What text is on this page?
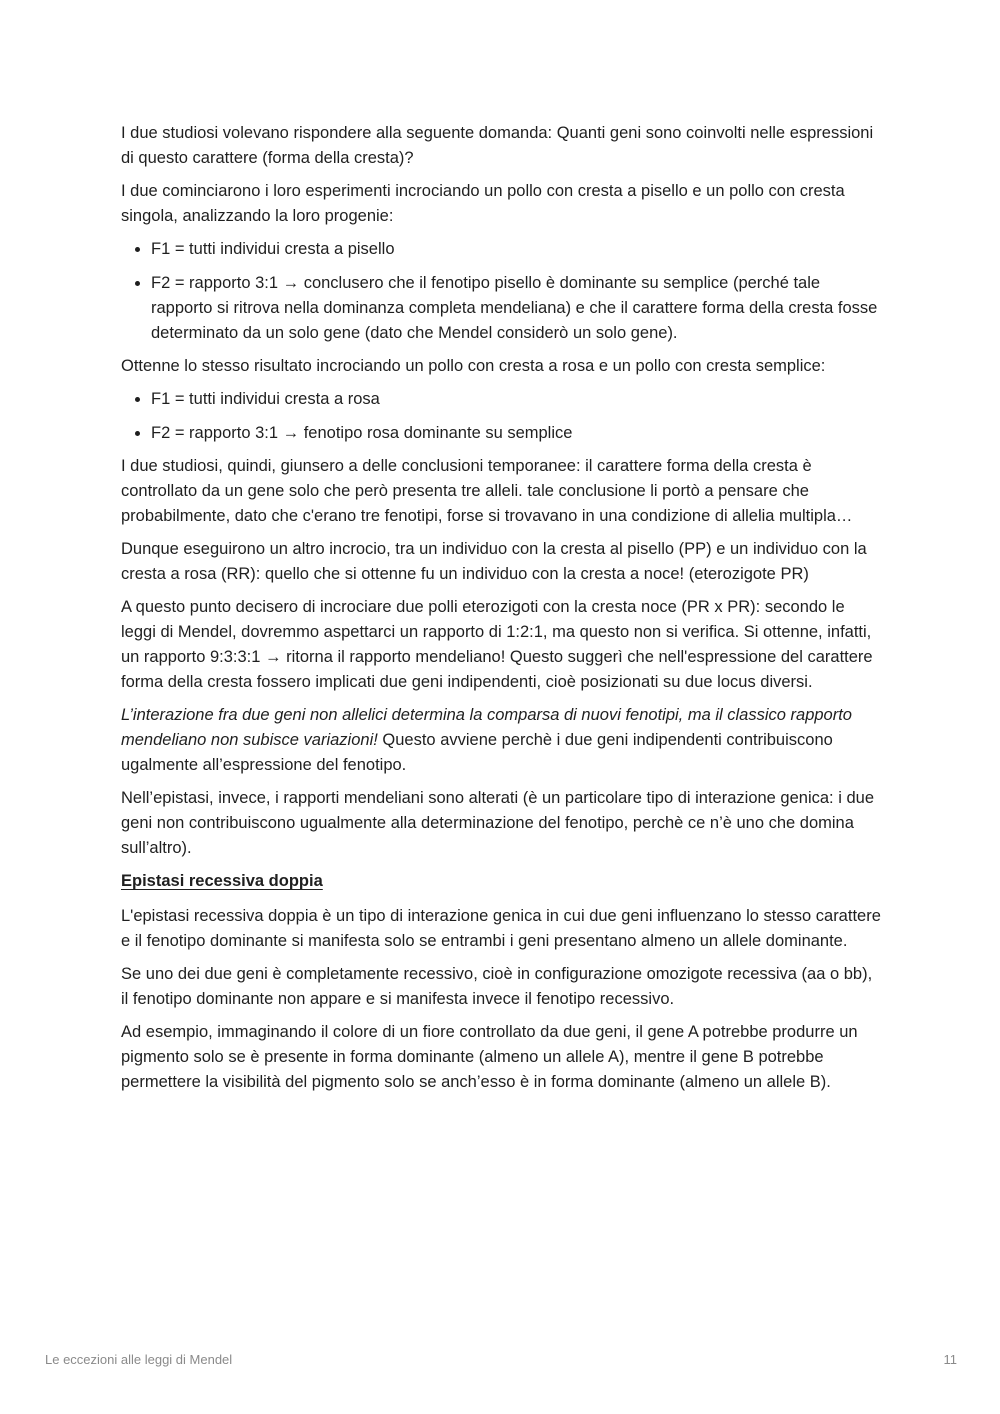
I due studiosi volevano rispondere alla seguente domanda: Quanti geni sono coinvolti nelle espressioni di questo carattere (forma della cresta)?

I due cominciarono i loro esperimenti incrociando un pollo con cresta a pisello e un pollo con cresta singola, analizzando la loro progenie:

• F1 = tutti individui cresta a pisello
• F2 = rapporto 3:1 → conclusero che il fenotipo pisello è dominante su semplice (perché tale rapporto si ritrova nella dominanza completa mendeliana) e che il carattere forma della cresta fosse determinato da un solo gene (dato che Mendel considerò un solo gene).

Ottenne lo stesso risultato incrociando un pollo con cresta a rosa e un pollo con cresta semplice:

• F1 = tutti individui cresta a rosa
• F2 = rapporto 3:1 → fenotipo rosa dominante su semplice

I due studiosi, quindi, giunsero a delle conclusioni temporanee: il carattere forma della cresta è controllato da un gene solo che però presenta tre alleli. tale conclusione li portò a pensare che probabilmente, dato che c'erano tre fenotipi, forse si trovavano in una condizione di allelia multipla…

Dunque eseguirono un altro incrocio, tra un individuo con la cresta al pisello (PP) e un individuo con la cresta a rosa (RR): quello che si ottenne fu un individuo con la cresta a noce! (eterozigote PR)

A questo punto decisero di incrociare due polli eterozigoti con la cresta noce (PR x PR): secondo le leggi di Mendel, dovremmo aspettarci un rapporto di 1:2:1, ma questo non si verifica. Si ottenne, infatti, un rapporto 9:3:3:1 → ritorna il rapporto mendeliano! Questo suggerì che nell'espressione del carattere forma della cresta fossero implicati due geni indipendenti, cioè posizionati su due locus diversi.

L’interazione fra due geni non allelici determina la comparsa di nuovi fenotipi, ma il classico rapporto mendeliano non subisce variazioni! Questo avviene perchè i due geni indipendenti contribuiscono ugalmente all’espressione del fenotipo.

Nell’epistasi, invece, i rapporti mendeliani sono alterati (è un particolare tipo di interazione genica: i due geni non contribuiscono ugualmente alla determinazione del fenotipo, perchè ce n’è uno che domina sull’altro).

Epistasi recessiva doppia

L'epistasi recessiva doppia è un tipo di interazione genica in cui due geni influenzano lo stesso carattere e il fenotipo dominante si manifesta solo se entrambi i geni presentano almeno un allele dominante.

Se uno dei due geni è completamente recessivo, cioè in configurazione omozigote recessiva (aa o bb), il fenotipo dominante non appare e si manifesta invece il fenotipo recessivo.

Ad esempio, immaginando il colore di un fiore controllato da due geni, il gene A potrebbe produrre un pigmento solo se è presente in forma dominante (almeno un allele A), mentre il gene B potrebbe permettere la visibilità del pigmento solo se anch’esso è in forma dominante (almeno un allele B).

Le eccezioni alle leggi di Mendel	11
